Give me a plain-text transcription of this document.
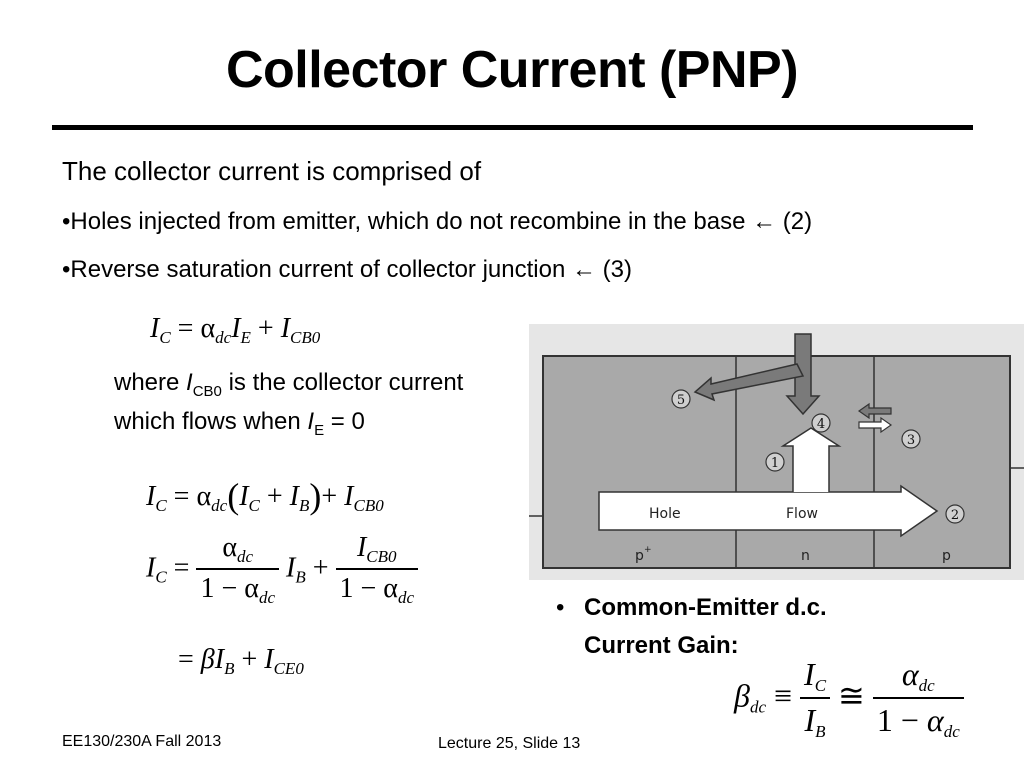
Collector Current (PNP)
The collector current is comprised of
•Holes injected from emitter, which do not recombine in the base ← (2)
•Reverse saturation current of collector junction ← (3)
$I_C = \alpha_{dc}I_E + I_{CB0}$
where $I_{CB0}$ is the collector current
which flows when $I_E = 0$
$I_C = \alpha_{dc}(I_C + I_B)+ I_{CB0}$
$I_C = \frac{\alpha_{dc}}{1 - \alpha_{dc}} I_B + \frac{I_{CB0}}{1 - \alpha_{dc}}$
= $\beta I_B + I_{CE0}$
5
4
3
1
2
Hole	Flow
p +	n	p
• Common-Emitter d.c.
Current Gain:
$\beta_{dc} \equiv \frac{I_C}{I_B}$ ≅ $\frac{\alpha_{dc}}{1 - \alpha_{dc}}$
EE130/230A Fall 2013	Lecture 25, Slide 13
